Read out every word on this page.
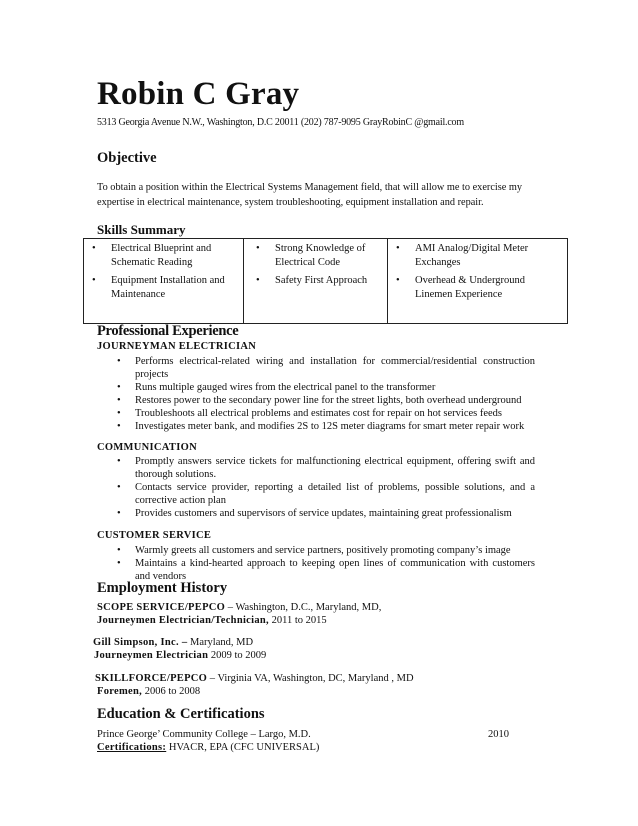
Robin C Gray
5313 Georgia Avenue N.W., Washington, D.C 20011 (202) 787-9095 GrayRobinC @gmail.com
Objective
To obtain a position within the Electrical Systems Management field, that will allow me to exercise my
expertise in electrical maintenance, system troubleshooting, equipment installation and repair.
Skills Summary
• Electrical Blueprint and Schematic Reading
• Equipment Installation and Maintenance

• Strong Knowledge of Electrical Code
• Safety First Approach

• AMI Analog/Digital Meter Exchanges
• Overhead & Underground Linemen Experience
Professional Experience
JOURNEYMAN ELECTRICIAN
• Performs electrical-related wiring and installation for commercial/residential construction projects
• Runs multiple gauged wires from the electrical panel to the transformer
• Restores power to the secondary power line for the street lights, both overhead underground
• Troubleshoots all electrical problems and estimates cost for repair on hot services feeds
• Investigates meter bank, and modifies 2S to 12S meter diagrams for smart meter repair work
COMMUNICATION
• Promptly answers service tickets for malfunctioning electrical equipment, offering swift and thorough solutions.
• Contacts service provider, reporting a detailed list of problems, possible solutions, and a corrective action plan
• Provides customers and supervisors of service updates, maintaining great professionalism
CUSTOMER SERVICE
• Warmly greets all customers and service partners, positively promoting company’s image
• Maintains a kind-hearted approach to keeping open lines of communication with customers and vendors
Employment History
SCOPE SERVICE/PEPCO – Washington, D.C., Maryland, MD,
Journeymen Electrician/Technician, 2011 to 2015
Gill Simpson, Inc. – Maryland, MD
Journeymen Electrician 2009 to 2009
SKILLFORCE/PEPCO – Virginia VA, Washington, DC, Maryland , MD
Foremen, 2006 to 2008
Education & Certifications
Prince George’ Community College – Largo, M.D.	2010
Certifications: HVACR, EPA (CFC UNIVERSAL)
